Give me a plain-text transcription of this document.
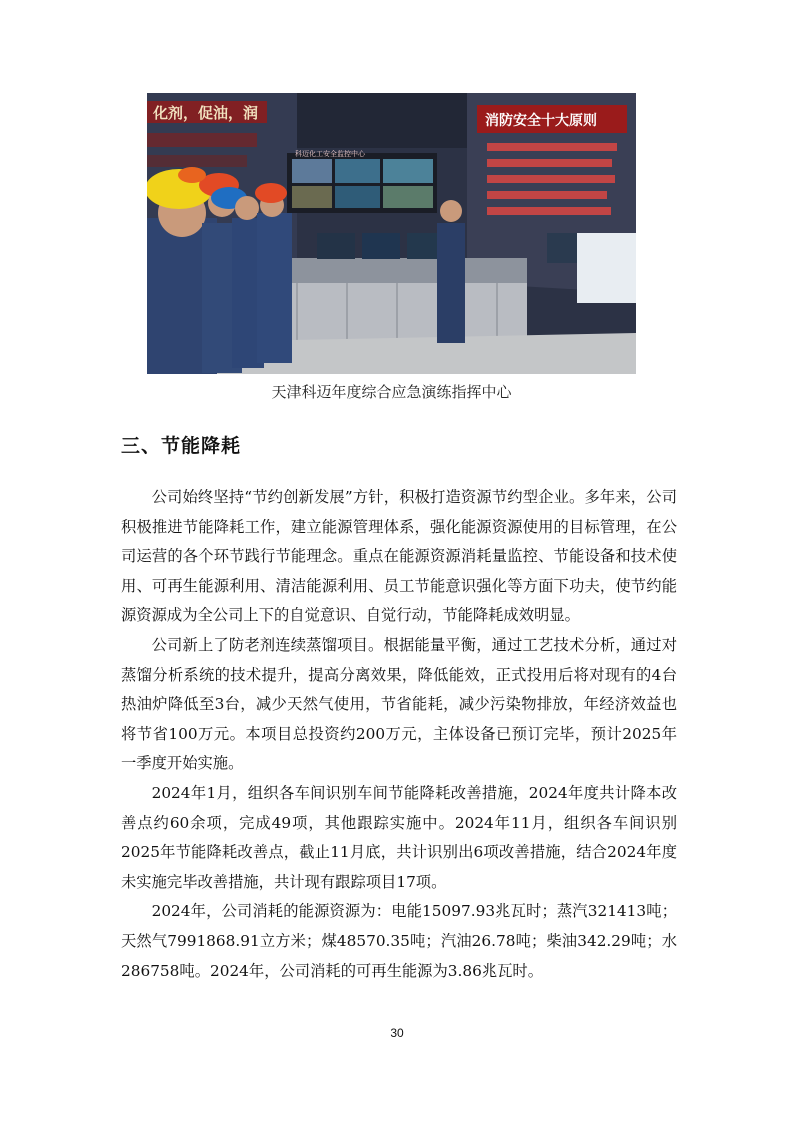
化剂，促油，润	消防安全十大原则
科迈化工安全监控中心
天津科迈年度综合应急演练指挥中心
三、节能降耗

公司始终坚持“节约创新发展”方针，积极打造资源节约型企业。多年来，公司积极推进节能降耗工作，建立能源管理体系，强化能源资源使用的目标管理，在公司运营的各个环节践行节能理念。重点在能源资源消耗量监控、节能设备和技术使用、可再生能源利用、清洁能源利用、员工节能意识强化等方面下功夫，使节约能源资源成为全公司上下的自觉意识、自觉行动，节能降耗成效明显。

公司新上了防老剂连续蒸馏项目。根据能量平衡，通过工艺技术分析，通过对蒸馏分析系统的技术提升，提高分离效果，降低能效，正式投用后将对现有的4台热油炉降低至3台，减少天然气使用，节省能耗，减少污染物排放，年经济效益也将节省100万元。本项目总投资约200万元，主体设备已预订完毕，预计2025年一季度开始实施。

2024年1月，组织各车间识别车间节能降耗改善措施，2024年度共计降本改善点约60余项，完成49项，其他跟踪实施中。2024年11月，组织各车间识别2025年节能降耗改善点，截止11月底，共计识别出6项改善措施，结合2024年度未实施完毕改善措施，共计现有跟踪项目17项。

2024年，公司消耗的能源资源为：电能15097.93兆瓦时；蒸汽321413吨；天然气7991868.91立方米；煤48570.35吨；汽油26.78吨；柴油342.29吨；水286758吨。2024年，公司消耗的可再生能源为3.86兆瓦时。

30
